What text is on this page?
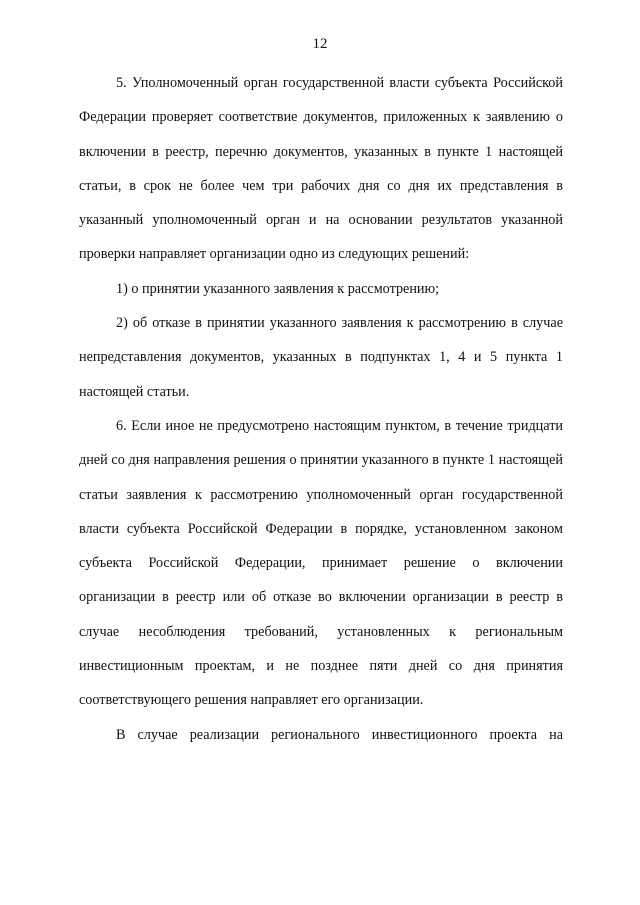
12

5. Уполномоченный орган государственной власти субъекта Российской Федерации проверяет соответствие документов, приложенных к заявлению о включении в реестр, перечню документов, указанных в пункте 1 настоящей статьи, в срок не более чем три рабочих дня со дня их представления в указанный уполномоченный орган и на основании результатов указанной проверки направляет организации одно из следующих решений:

1) о принятии указанного заявления к рассмотрению;

2) об отказе в принятии указанного заявления к рассмотрению в случае непредставления документов, указанных в подпунктах 1, 4 и 5 пункта 1 настоящей статьи.

6. Если иное не предусмотрено настоящим пунктом, в течение тридцати дней со дня направления решения о принятии указанного в пункте 1 настоящей статьи заявления к рассмотрению уполномоченный орган государственной власти субъекта Российской Федерации в порядке, установленном законом субъекта Российской Федерации, принимает решение о включении организации в реестр или об отказе во включении организации в реестр в случае несоблюдения требований, установленных к региональным инвестиционным проектам, и не позднее пяти дней со дня принятия соответствующего решения направляет его организации.

В случае реализации регионального инвестиционного проекта на
